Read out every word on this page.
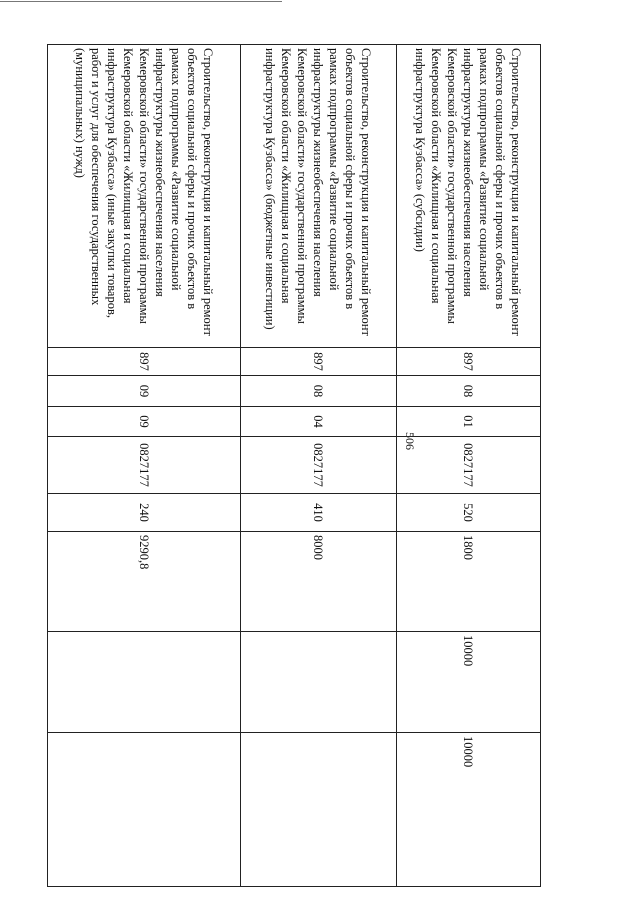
506
Строительство, реконструкция и капитальный ремонт объектов социальной сферы и прочих объектов в рамках подпрограммы «Развитие социальной инфраструктуры жизнеобеспечения населения Кемеровской области» государственной программы Кемеровской области «Жилищная и социальная инфраструктура Кузбасса» (субсидии)	897	08	01	0827177	520	1800	10000	10000
Строительство, реконструкция и капитальный ремонт объектов социальной сферы и прочих объектов в рамках подпрограммы «Развитие социальной инфраструктуры жизнеобеспечения населения Кемеровской области» государственной программы Кемеровской области «Жилищная и социальная инфраструктура Кузбасса» (бюджетные инвестиции)	897	08	04	0827177	410	8000		
Строительство, реконструкция и капитальный ремонт объектов социальной сферы и прочих объектов в рамках подпрограммы «Развитие социальной инфраструктуры жизнеобеспечения населения Кемеровской области» государственной программы Кемеровской области «Жилищная и социальная инфраструктура Кузбасса» (иные закупки товаров, работ и услуг для обеспечения государственных (муниципальных) нужд)	897	09	09	0827177	240	9290,8		
